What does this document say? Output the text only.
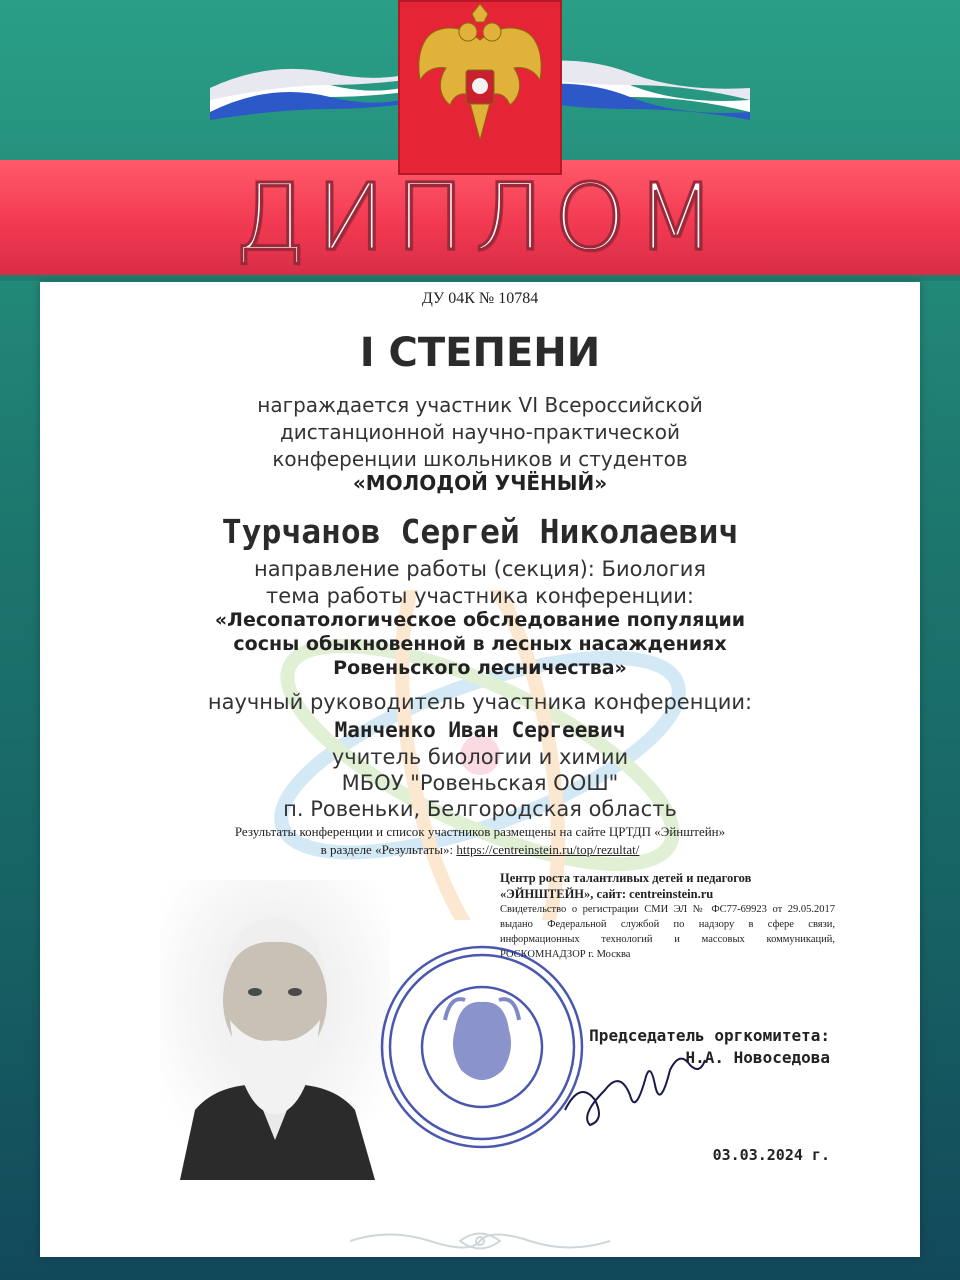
ДИПЛОМ
ДУ 04К № 10784
I СТЕПЕНИ
награждается участник VI Всероссийской
дистанционной научно-практической
конференции школьников и студентов
«МОЛОДОЙ УЧЁНЫЙ»
Турчанов Сергей Николаевич
направление работы (секция): Биология
тема работы участника конференции:
«Лесопатологическое обследование популяции
сосны обыкновенной в лесных насаждениях
Ровеньского лесничества»
научный руководитель участника конференции:
Манченко Иван Сергеевич
учитель биологии и химии
МБОУ "Ровеньская ООШ"
п. Ровеньки, Белгородская область
Результаты конференции и список участников размещены на сайте ЦРТДП «Эйнштейн»
в разделе «Результаты»: https://centreinstein.ru/top/rezultat/
Центр роста талантливых детей и педагогов
«ЭЙНШТЕЙН», сайт: centreinstein.ru
Свидетельство о регистрации СМИ ЭЛ № ФС77-69923 от 29.05.2017 выдано Федеральной службой по надзору в сфере связи, информационных технологий и массовых коммуникаций, РОСКОМНАДЗОР г. Москва
Председатель оргкомитета:
Н.А. Новоседова
03.03.2024 г.
